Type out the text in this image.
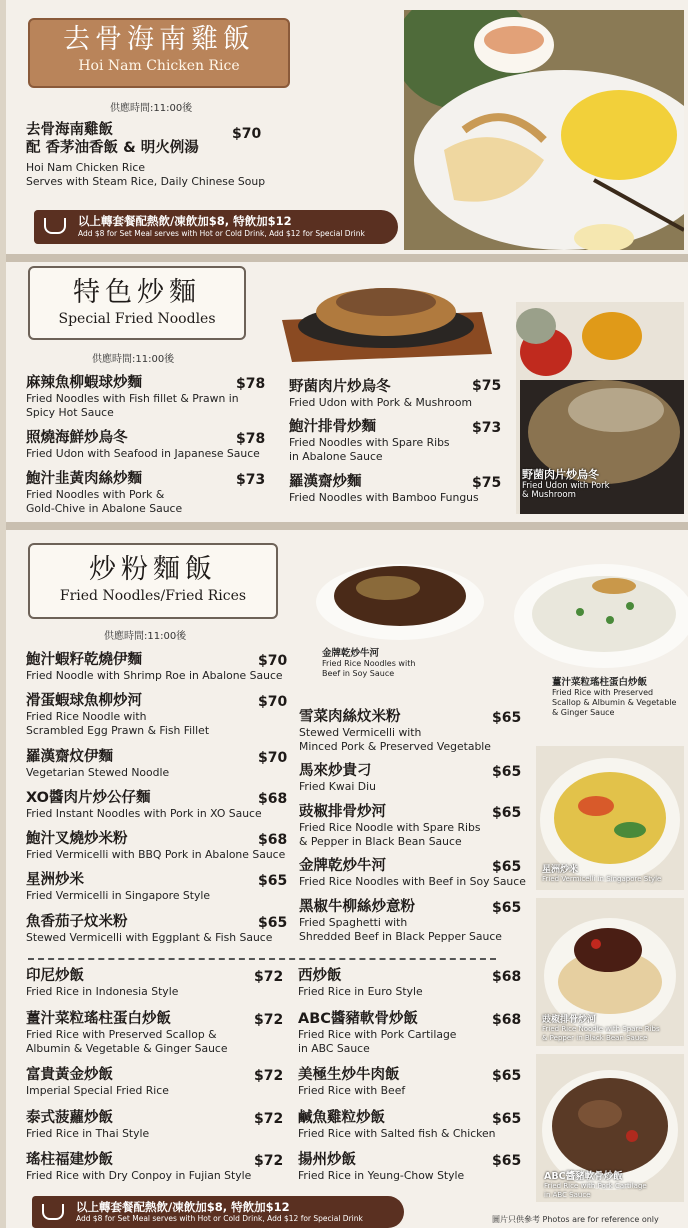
去骨海南雞飯
Hoi Nam Chicken Rice
供應時間:11:00後
去骨海南雞飯
配 香茅油香飯 & 明火例湯
Hoi Nam Chicken Rice
Serves with Steam Rice, Daily Chinese Soup
$70
以上轉套餐配熱飲/凍飲加$8, 特飲加$12
Add $8 for Set Meal serves with Hot or Cold Drink, Add $12 for Special Drink
特色炒麵
Special Fried Noodles
供應時間:11:00後
麻辣魚柳蝦球炒麵
Fried Noodles with Fish fillet & Prawn in
Spicy Hot Sauce
$78
照燒海鮮炒烏冬
Fried Udon with Seafood in Japanese Sauce
$78
鮑汁韭黃肉絲炒麵
Fried Noodles with Pork &
Gold-Chive in Abalone Sauce
$73
野菌肉片炒烏冬
Fried Udon with Pork & Mushroom
$75
鮑汁排骨炒麵
Fried Noodles with Spare Ribs
in Abalone Sauce
$73
羅漢齋炒麵
Fried Noodles with Bamboo Fungus
$75
野菌肉片炒烏冬
Fried Udon with Pork
& Mushroom
炒粉麵飯
Fried Noodles/Fried Rices
供應時間:11:00後
金牌乾炒牛河
Fried Rice Noodles with
Beef in Soy Sauce
薑汁菜粒瑤柱蛋白炒飯
Fried Rice with Preserved
Scallop & Albumin & Vegetable
& Ginger Sauce
鮑汁蝦籽乾燒伊麵
Fried Noodle with Shrimp Roe in Abalone Sauce
$70
滑蛋蝦球魚柳炒河
Fried Rice Noodle with
Scrambled Egg Prawn & Fish Fillet
$70
羅漢齋炆伊麵
Vegetarian Stewed Noodle
$70
XO醬肉片炒公仔麵
Fried Instant Noodles with Pork in XO Sauce
$68
鮑汁叉燒炒米粉
Fried Vermicelli with BBQ Pork in Abalone Sauce
$68
星洲炒米
Fried Vermicelli in Singapore Style
$65
魚香茄子炆米粉
Stewed Vermicelli with Eggplant & Fish Sauce
$65
雪菜肉絲炆米粉
Stewed Vermicelli with
Minced Pork & Preserved Vegetable
$65
馬來炒貴刁
Fried Kwai Diu
$65
豉椒排骨炒河
Fried Rice Noodle with Spare Ribs
& Pepper in Black Bean Sauce
$65
金牌乾炒牛河
Fried Rice Noodles with Beef in Soy Sauce
$65
黑椒牛柳絲炒意粉
Fried Spaghetti with
Shredded Beef in Black Pepper Sauce
$65
星洲炒米
Fried Vermicelli in Singapore Style
豉椒排骨炒河
Fried Rice Noodle with Spare Ribs
& Pepper in Black Bean Sauce
印尼炒飯
Fried Rice in Indonesia Style
$72
薑汁菜粒瑤柱蛋白炒飯
Fried Rice with Preserved Scallop &
Albumin & Vegetable & Ginger Sauce
$72
富貴黃金炒飯
Imperial Special Fried Rice
$72
泰式菠蘿炒飯
Fried Rice in Thai Style
$72
瑤柱福建炒飯
Fried Rice with Dry Conpoy in Fujian Style
$72
西炒飯
Fried Rice in Euro Style
$68
ABC醬豬軟骨炒飯
Fried Rice with Pork Cartilage
in ABC Sauce
$68
美極生炒牛肉飯
Fried Rice with Beef
$65
鹹魚雞粒炒飯
Fried Rice with Salted fish & Chicken
$65
揚州炒飯
Fried Rice in Yeung-Chow Style
$65
ABC醬豬軟骨炒飯
Fried Rice with Pork Cartilage
in ABC Sauce
以上轉套餐配熱飲/凍飲加$8, 特飲加$12
Add $8 for Set Meal serves with Hot or Cold Drink, Add $12 for Special Drink	圖片只供參考 Photos are for reference only
